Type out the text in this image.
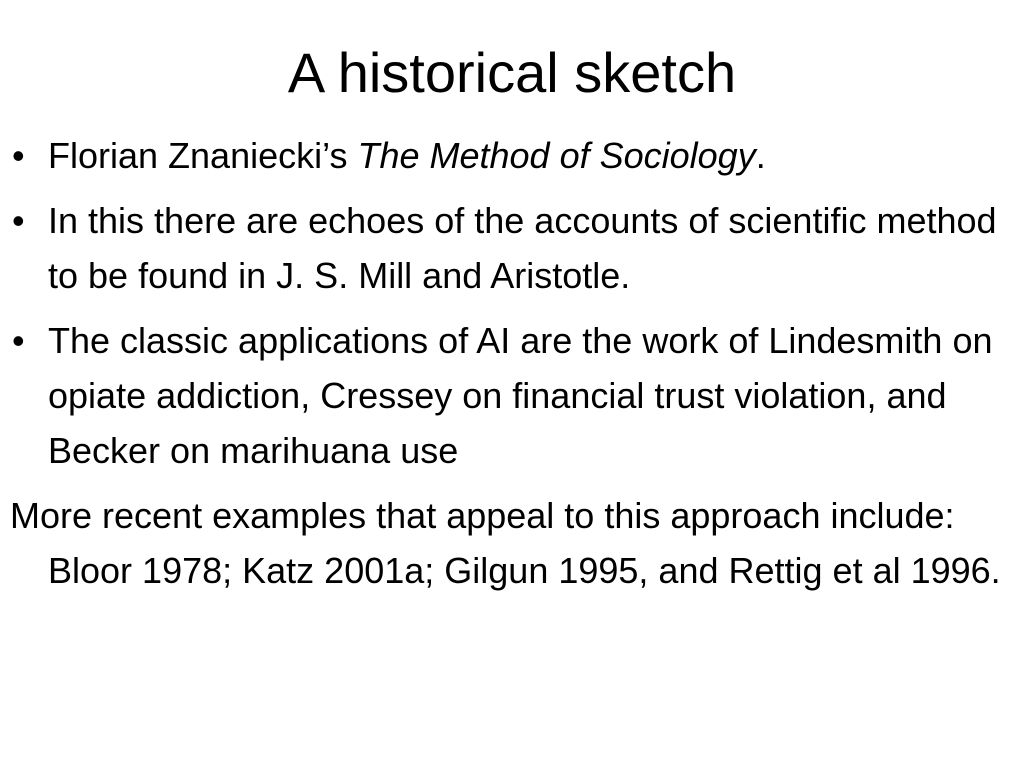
A historical sketch
• Florian Znaniecki’s The Method of Sociology.
• In this there are echoes of the accounts of scientific method to be found in J. S. Mill and Aristotle.
• The classic applications of AI are the work of Lindesmith on opiate addiction, Cressey on financial trust violation, and Becker on marihuana use

More recent examples that appeal to this approach include: Bloor 1978; Katz 2001a; Gilgun 1995, and Rettig et al 1996.
